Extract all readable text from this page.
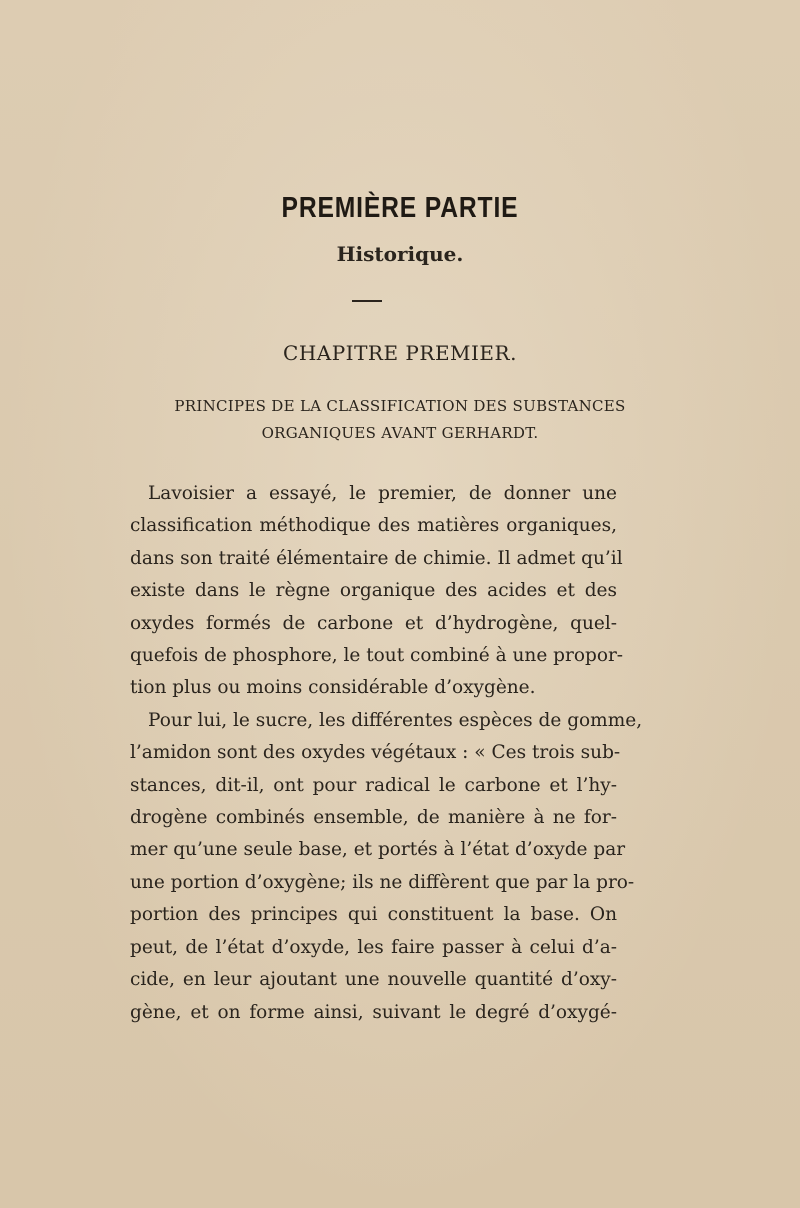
PREMIÈRE PARTIE
Historique.
CHAPITRE PREMIER.
PRINCIPES DE LA CLASSIFICATION DES SUBSTANCES
ORGANIQUES AVANT GERHARDT.
Lavoisier a essayé, le premier, de donner une
classification méthodique des matières organiques,
dans son traité élémentaire de chimie. Il admet qu’il
existe dans le règne organique des acides et des
oxydes formés de carbone et d’hydrogène, quel-
quefois de phosphore, le tout combiné à une propor-
tion plus ou moins considérable d’oxygène.
Pour lui, le sucre, les différentes espèces de gomme,
l’amidon sont des oxydes végétaux : « Ces trois sub-
stances, dit-il, ont pour radical le carbone et l’hy-
drogène combinés ensemble, de manière à ne for-
mer qu’une seule base, et portés à l’état d’oxyde par
une portion d’oxygène; ils ne diffèrent que par la pro-
portion des principes qui constituent la base. On
peut, de l’état d’oxyde, les faire passer à celui d’a-
cide, en leur ajoutant une nouvelle quantité d’oxy-
gène, et on forme ainsi, suivant le degré d’oxygé-
